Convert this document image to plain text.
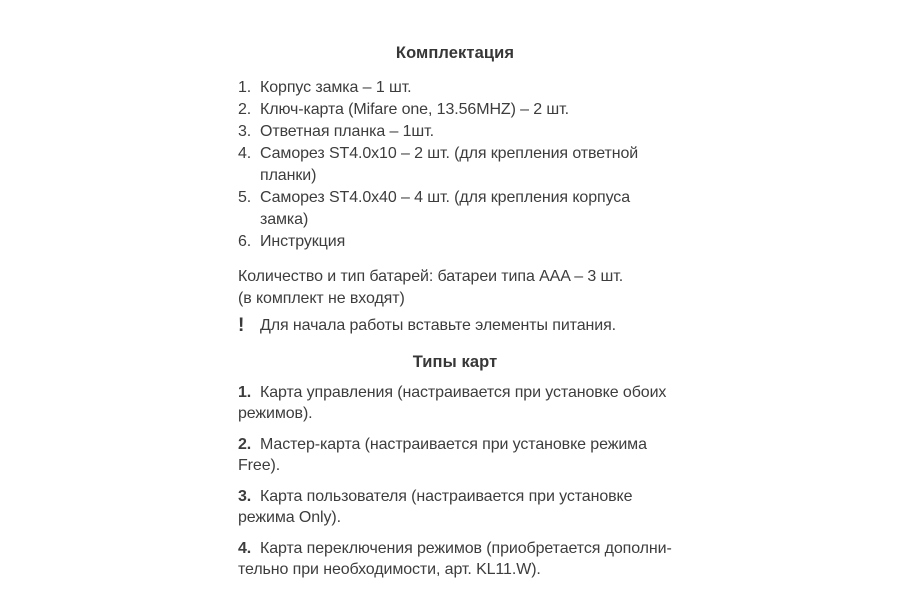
Комплектация
1. Корпус замка – 1 шт.
2. Ключ-карта (Mifare one, 13.56MHZ) – 2 шт.
3. Ответная планка – 1шт.
4. Саморез ST4.0x10 – 2 шт. (для крепления ответной планки)
5. Саморез ST4.0x40 – 4 шт. (для крепления корпуса замка)
6. Инструкция
Количество и тип батарей: батареи типа AAA – 3 шт.
(в комплект не входят)
! Для начала работы вставьте элементы питания.
Типы карт
1. Карта управления (настраивается при установке обоих
режимов).
2. Мастер-карта (настраивается при установке режима Free).
3. Карта пользователя (настраивается при установке
режима Only).
4. Карта переключения режимов (приобретается дополни-
тельно при необходимости, арт. KL11.W).
